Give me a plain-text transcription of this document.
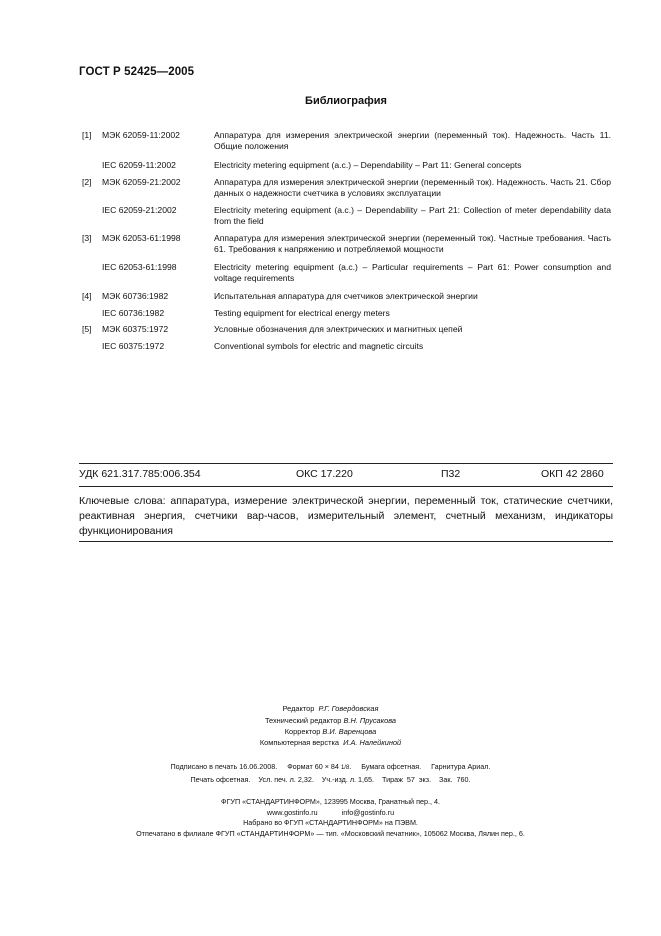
ГОСТ Р 52425—2005
Библиография
[1] МЭК 62059-11:2002	Аппаратура для измерения электрической энергии (переменный ток). Надежность. Часть 11. Общие положения
IEC 62059-11:2002	Electricity metering equipment (a.c.) – Dependability – Part 11: General concepts
[2] МЭК 62059-21:2002	Аппаратура для измерения электрической энергии (переменный ток). Надежность. Часть 21. Сбор данных о надежности счетчика в условиях эксплуатации
IEC 62059-21:2002	Electricity metering equipment (a.c.) – Dependability – Part 21: Collection of meter dependability data from the field
[3] МЭК 62053-61:1998	Аппаратура для измерения электрической энергии (переменный ток). Частные требования. Часть 61. Требования к напряжению и потребляемой мощности
IEC 62053-61:1998	Electricity metering equipment (a.c.) – Particular requirements – Part 61: Power consumption and voltage requirements
[4] МЭК 60736:1982	Испытательная аппаратура для счетчиков электрической энергии
IEC 60736:1982	Testing equipment for electrical energy meters
[5] МЭК 60375:1972	Условные обозначения для электрических и магнитных цепей
IEC 60375:1972	Conventional symbols for electric and magnetic circuits
УДК 621.317.785:006.354	ОКС 17.220	П32	ОКП 42 2860
Ключевые слова: аппаратура, измерение электрической энергии, переменный ток, статические счетчики, реактивная энергия, счетчики вар-часов, измерительный элемент, счетный механизм, индикаторы функционирования
Редактор Р.Г. Говердовская
Технический редактор В.Н. Прусакова
Корректор В.И. Варенцова
Компьютерная верстка И.А. Налейкиной
Подписано в печать 16.06.2008. Формат 60 × 84 1/8.     Бумага офсетная. Гарнитура Ариал.
Печать офсетная.    Усл. печ. л. 2,32.    Уч.-изд. л. 1,65.    Тираж  57  экз.    Зак.  760.
ФГУП «СТАНДАРТИНФОРМ», 123995 Москва, Гранатный пер., 4.
www.gostinfo.ru	info@gostinfo.ru
Набрано во ФГУП «СТАНДАРТИНФОРМ» на ПЭВМ.
Отпечатано в филиале ФГУП «СТАНДАРТИНФОРМ» — тип. «Московский печатник», 105062 Москва, Лялин пер., 6.
